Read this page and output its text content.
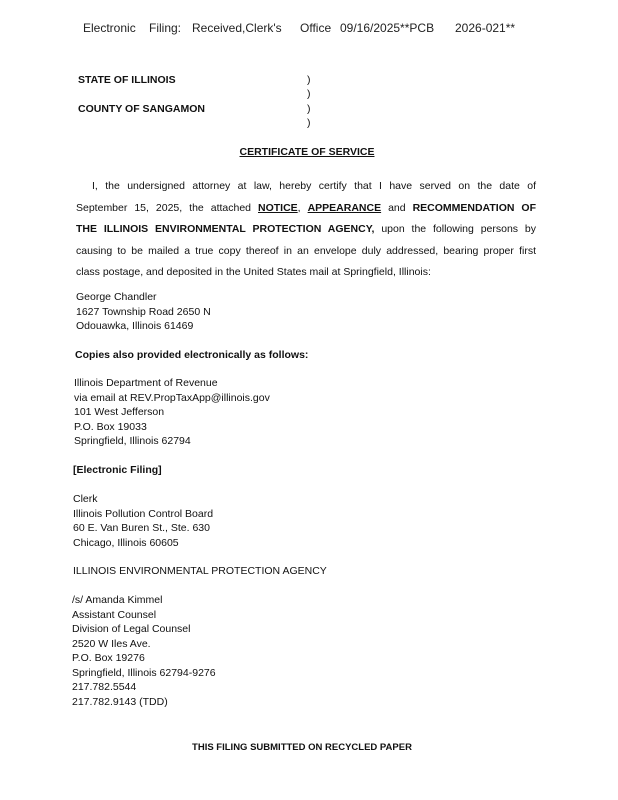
Electronic Filing: Received,Clerk's Office 09/16/2025**PCB 2026-021**
STATE OF ILLINOIS
COUNTY OF SANGAMON
)
)
)
)
CERTIFICATE OF SERVICE
I, the undersigned attorney at law, hereby certify that I have served on the date of
September 15, 2025, the attached NOTICE, APPEARANCE and RECOMMENDATION OF
THE ILLINOIS ENVIRONMENTAL PROTECTION AGENCY, upon the following persons by
causing to be mailed a true copy thereof in an envelope duly addressed, bearing proper first
class postage, and deposited in the United States mail at Springfield, Illinois:
George Chandler
1627 Township Road 2650 N
Odouawka, Illinois 61469
Copies also provided electronically as follows:
Illinois Department of Revenue
via email at REV.PropTaxApp@illinois.gov
101 West Jefferson
P.O. Box 19033
Springfield, Illinois 62794
[Electronic Filing]
Clerk
Illinois Pollution Control Board
60 E. Van Buren St., Ste. 630
Chicago, Illinois 60605
ILLINOIS ENVIRONMENTAL PROTECTION AGENCY
/s/ Amanda Kimmel
Assistant Counsel
Division of Legal Counsel
2520 W Iles Ave.
P.O. Box 19276
Springfield, Illinois 62794-9276
217.782.5544
217.782.9143 (TDD)
THIS FILING SUBMITTED ON RECYCLED PAPER
